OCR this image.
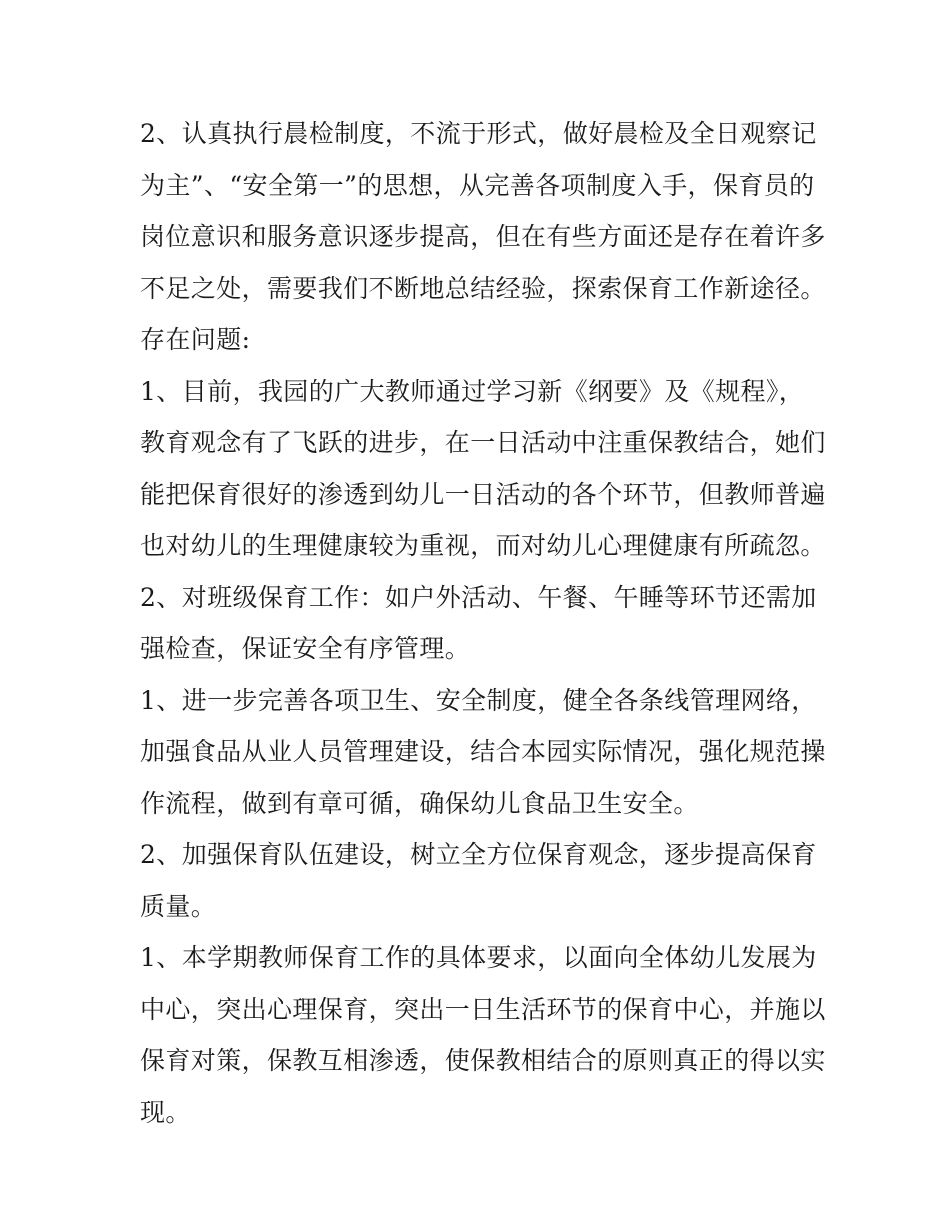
2、认真执行晨检制度，不流于形式，做好晨检及全日观察记
为主”、“安全第一”的思想，从完善各项制度入手，保育员的
岗位意识和服务意识逐步提高，但在有些方面还是存在着许多
不足之处，需要我们不断地总结经验，探索保育工作新途径。
存在问题:
1、目前，我园的广大教师通过学习新《纲要》及《规程》，
教育观念有了飞跃的进步，在一日活动中注重保教结合，她们
能把保育很好的渗透到幼儿一日活动的各个环节，但教师普遍
也对幼儿的生理健康较为重视，而对幼儿心理健康有所疏忽。
2、对班级保育工作：如户外活动、午餐、午睡等环节还需加
强检查，保证安全有序管理。
1、进一步完善各项卫生、安全制度，健全各条线管理网络，
加强食品从业人员管理建设，结合本园实际情况，强化规范操
作流程，做到有章可循，确保幼儿食品卫生安全。
2、加强保育队伍建设，树立全方位保育观念，逐步提高保育
质量。
1、本学期教师保育工作的具体要求，以面向全体幼儿发展为
中心，突出心理保育，突出一日生活环节的保育中心，并施以
保育对策，保教互相渗透，使保教相结合的原则真正的得以实
现。
